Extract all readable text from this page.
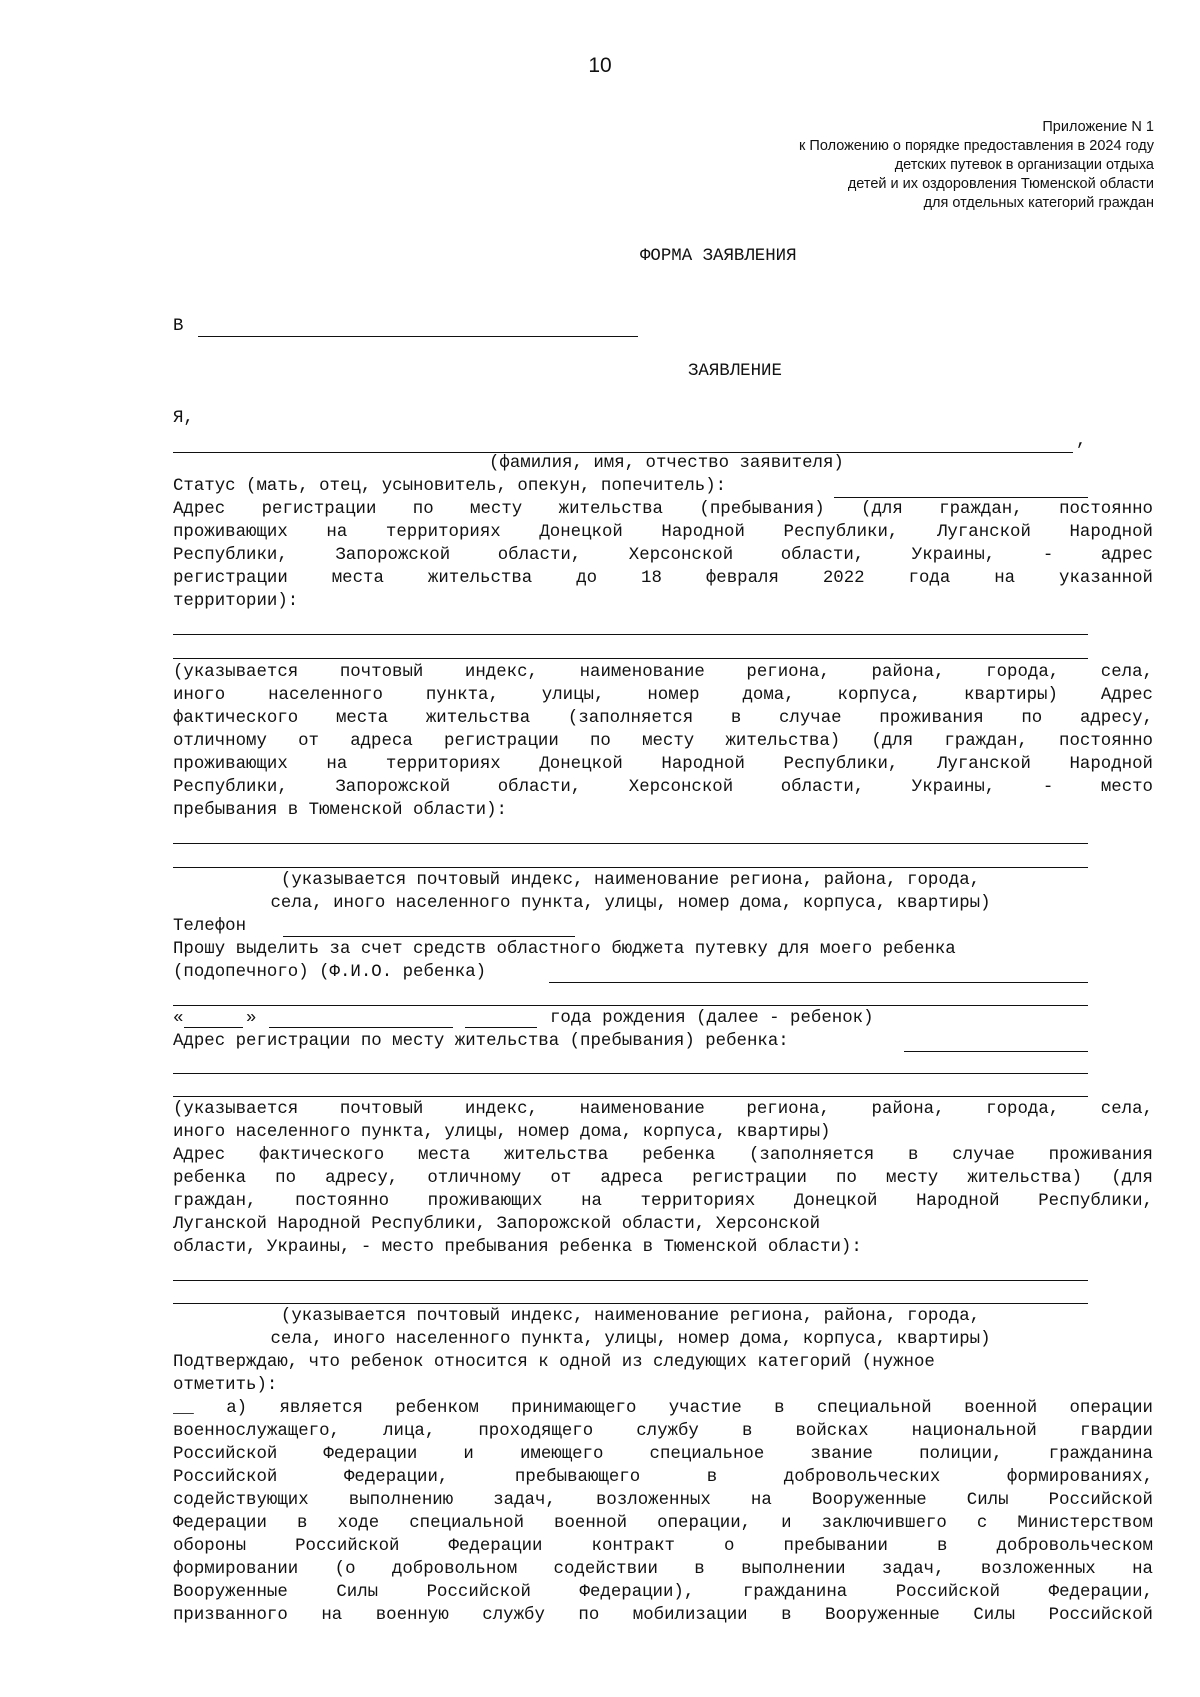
10
Приложение N 1
к Положению о порядке предоставления в 2024 году
детских путевок в организации отдыха
детей и их оздоровления Тюменской области
для отдельных категорий граждан
ФОРМА ЗАЯВЛЕНИЯ
В
ЗАЯВЛЕНИЕ
Я,
,
(фамилия, имя, отчество заявителя)
Статус (мать, отец, усыновитель, опекун, попечитель):
Адрес регистрации по месту жительства (пребывания) (для граждан, постоянно
проживающих на территориях Донецкой Народной Республики, Луганской Народной
Республики, Запорожской области, Херсонской области, Украины, - адрес
регистрации места жительства до 18 февраля 2022 года на указанной
территории):
(указывается почтовый индекс, наименование региона, района, города, села,
иного населенного пункта, улицы, номер дома, корпуса, квартиры) Адрес
фактического места жительства (заполняется в случае проживания по адресу,
отличному от адреса регистрации по месту жительства) (для граждан, постоянно
проживающих на территориях Донецкой Народной Республики, Луганской Народной
Республики, Запорожской области, Херсонской области, Украины, - место
пребывания в Тюменской области):
(указывается почтовый индекс, наименование региона, района, города,
села, иного населенного пункта, улицы, номер дома, корпуса, квартиры)
Телефон
Прошу выделить за счет средств областного бюджета путевку для моего ребенка
(подопечного) (Ф.И.О. ребенка)
«	»	года рождения (далее - ребенок)
Адрес регистрации по месту жительства (пребывания) ребенка:
(указывается почтовый индекс, наименование региона, района, города, села,
иного населенного пункта, улицы, номер дома, корпуса, квартиры)
Адрес фактического места жительства ребенка (заполняется в случае проживания
ребенка по адресу, отличному от адреса регистрации по месту жительства) (для
граждан, постоянно проживающих на территориях Донецкой Народной Республики,
Луганской Народной Республики, Запорожской области, Херсонской
области, Украины, - место пребывания ребенка в Тюменской области):
(указывается почтовый индекс, наименование региона, района, города,
села, иного населенного пункта, улицы, номер дома, корпуса, квартиры)
Подтверждаю, что ребенок относится к одной из следующих категорий (нужное
отметить):
__ а) является ребенком принимающего участие в специальной военной операции
военнослужащего, лица, проходящего службу в войсках национальной гвардии
Российской Федерации и имеющего специальное звание полиции, гражданина
Российской Федерации, пребывающего в добровольческих формированиях,
содействующих выполнению задач, возложенных на Вооруженные Силы Российской
Федерации в ходе специальной военной операции, и заключившего с Министерством
обороны Российской Федерации контракт о пребывании в добровольческом
формировании (о добровольном содействии в выполнении задач, возложенных на
Вооруженные Силы Российской Федерации), гражданина Российской Федерации,
призванного на военную службу по мобилизации в Вооруженные Силы Российской
